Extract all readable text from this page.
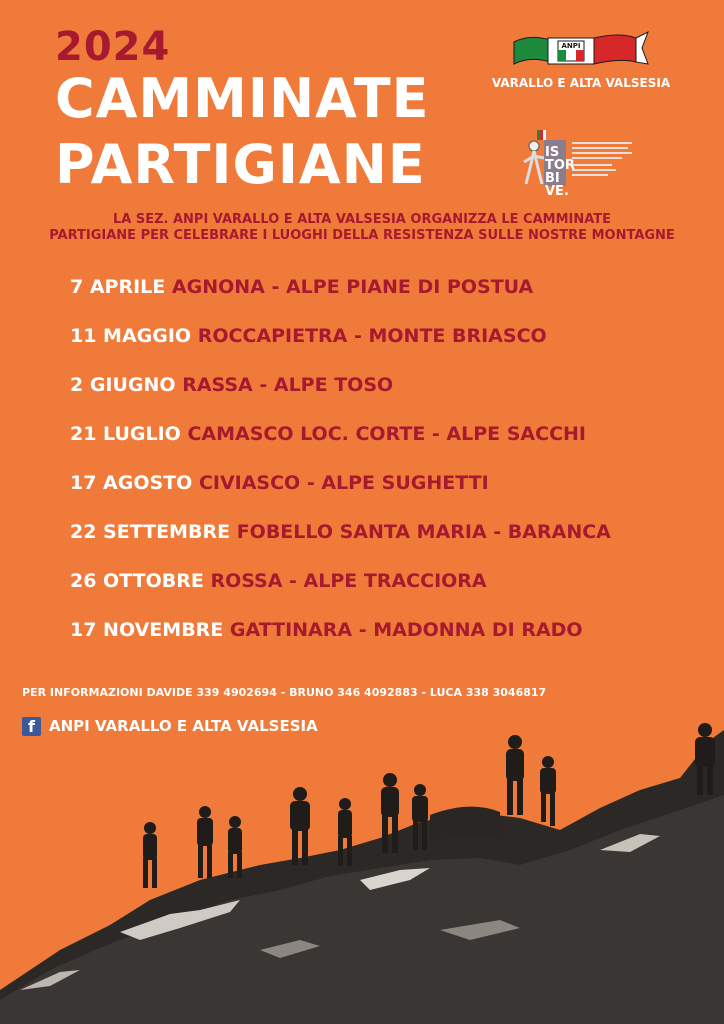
2024
CAMMINATE
PARTIGIANE
ANPI
VARALLO E ALTA VALSESIA
IS
TOR
BI
VE.
LA SEZ. ANPI VARALLO E ALTA VALSESIA ORGANIZZA LE CAMMINATE
PARTIGIANE PER CELEBRARE I LUOGHI DELLA RESISTENZA SULLE NOSTRE MONTAGNE
7 APRILE AGNONA - ALPE PIANE DI POSTUA
11 MAGGIO ROCCAPIETRA - MONTE BRIASCO
2 GIUGNO RASSA - ALPE TOSO
21 LUGLIO CAMASCO LOC. CORTE - ALPE SACCHI
17 AGOSTO CIVIASCO - ALPE SUGHETTI
22 SETTEMBRE FOBELLO SANTA MARIA - BARANCA
26 OTTOBRE ROSSA - ALPE TRACCIORA
17 NOVEMBRE GATTINARA - MADONNA DI RADO
PER INFORMAZIONI DAVIDE 339 4902694 - BRUNO 346 4092883 - LUCA 338 3046817
f ANPI VARALLO E ALTA VALSESIA
